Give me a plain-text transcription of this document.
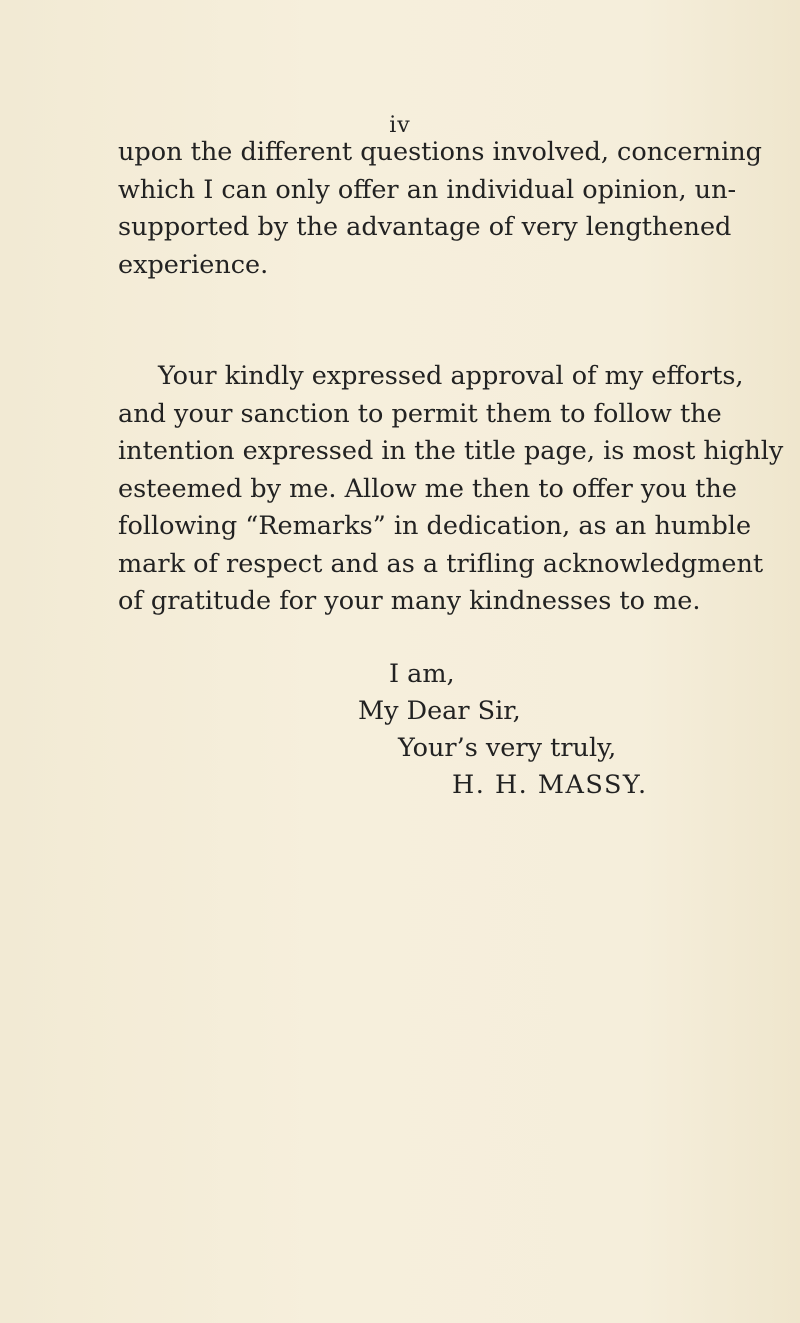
iv

upon the different questions involved, concerning
which I can only offer an individual opinion, un-
supported by the advantage of very lengthened
experience.

Your kindly expressed approval of my efforts,
and your sanction to permit them to follow the
intention expressed in the title page, is most highly
esteemed by me. Allow me then to offer you the
following “Remarks” in dedication, as an humble
mark of respect and as a trifling acknowledgment
of gratitude for your many kindnesses to me.

I am,
My Dear Sir,
Your’s very truly,
H. H. MASSY.
